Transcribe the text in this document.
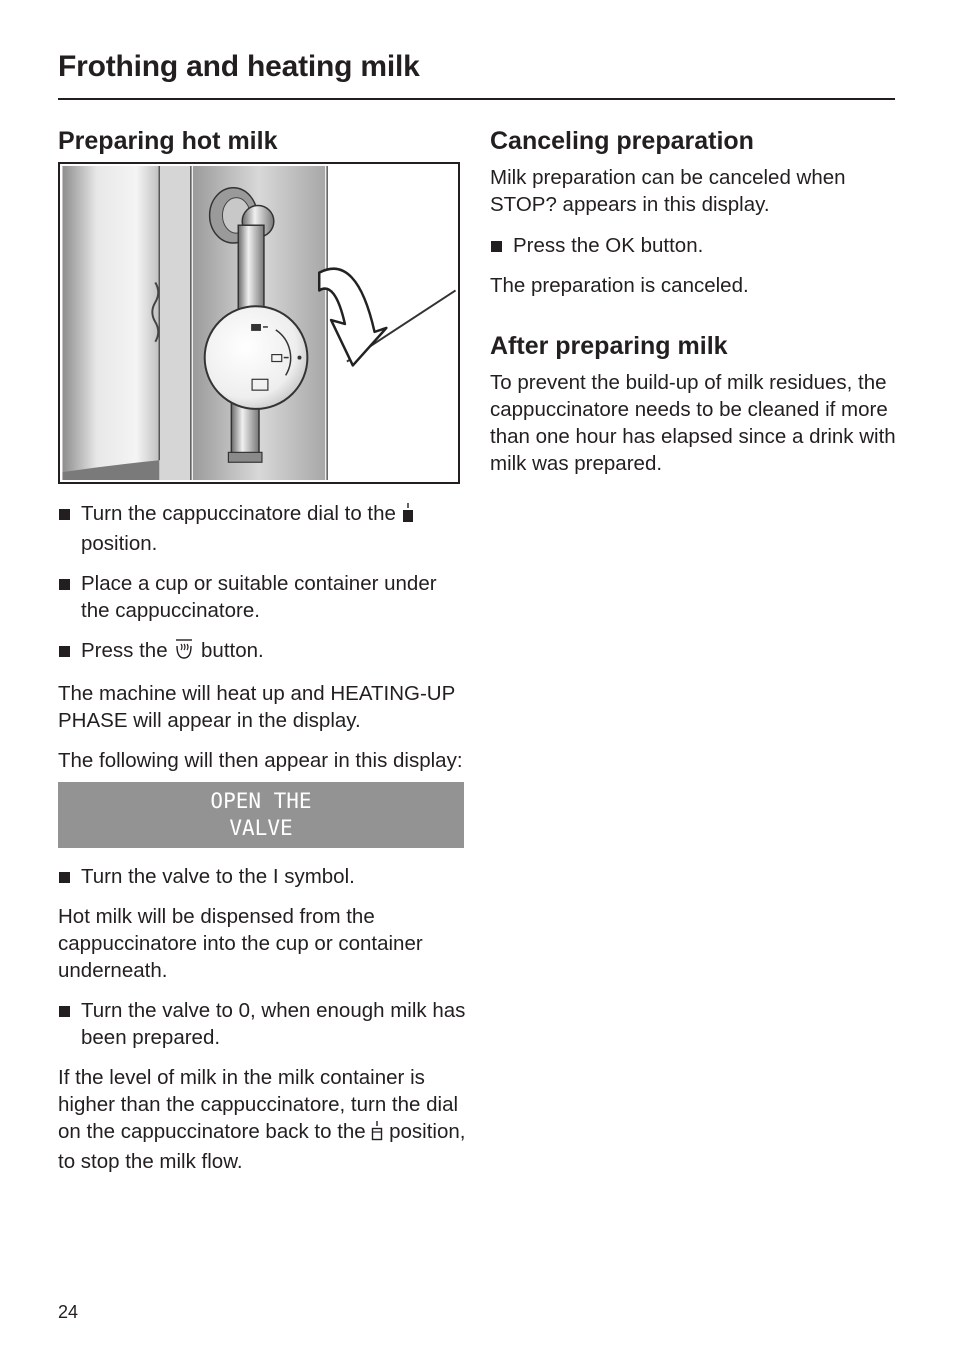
Frothing and heating milk
Preparing hot milk
Turn the cappuccinatore dial to the  position.
Place a cup or suitable container under the cappuccinatore.
Press the button.

The machine will heat up and HEATING-UP PHASE will appear in the display.

The following will then appear in this display:

OPEN THE
VALVE
Turn the valve to the I symbol.

Hot milk will be dispensed from the cappuccinatore into the cup or container underneath.

Turn the valve to 0, when enough milk has been prepared.

If the level of milk in the milk container is higher than the cappuccinatore, turn the dial on the cappuccinatore back to the position, to stop the milk flow.

Canceling preparation

Milk preparation can be canceled when STOP? appears in this display.

Press the OK button.

The preparation is canceled.

After preparing milk

To prevent the build-up of milk residues, the cappuccinatore needs to be cleaned if more than one hour has elapsed since a drink with milk was prepared.

24
